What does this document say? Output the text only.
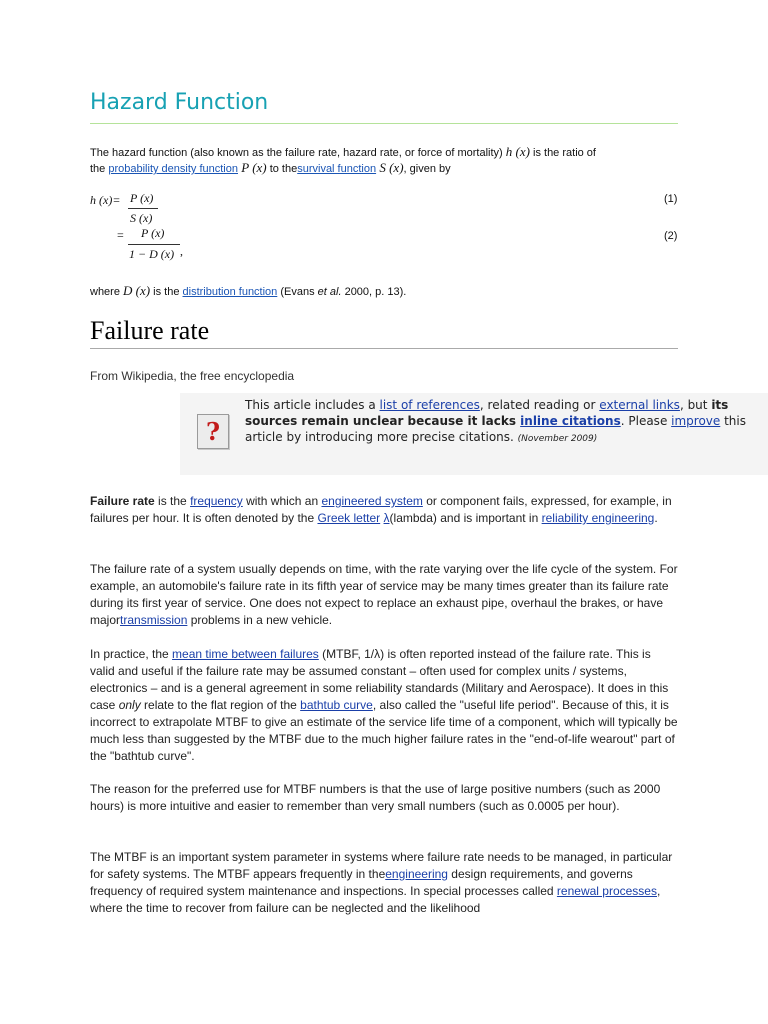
Hazard Function
The hazard function (also known as the failure rate, hazard rate, or force of mortality) h (x) is the ratio of
the probability density function P (x) to thesurvival function S (x), given by
h (x)= P (x)
S (x)
(1)
= P (x)
1 − D (x) ,
(2)
where D (x) is the distribution function (Evans et al. 2000, p. 13).
Failure rate
From Wikipedia, the free encyclopedia
?
This article includes a list of references, related reading or external links, but its sources remain unclear because it lacks inline citations. Please improve this article by introducing more precise citations. (November 2009)
Failure rate is the frequency with which an engineered system or component fails, expressed, for example, in failures per hour. It is often denoted by the Greek letter λ(lambda) and is important in reliability engineering.
The failure rate of a system usually depends on time, with the rate varying over the life cycle of the system. For example, an automobile's failure rate in its fifth year of service may be many times greater than its failure rate during its first year of service. One does not expect to replace an exhaust pipe, overhaul the brakes, or have majortransmission problems in a new vehicle.
In practice, the mean time between failures (MTBF, 1/λ) is often reported instead of the failure rate. This is valid and useful if the failure rate may be assumed constant – often used for complex units / systems, electronics – and is a general agreement in some reliability standards (Military and Aerospace). It does in this case only relate to the flat region of the bathtub curve, also called the "useful life period". Because of this, it is incorrect to extrapolate MTBF to give an estimate of the service life time of a component, which will typically be much less than suggested by the MTBF due to the much higher failure rates in the "end-of-life wearout" part of the "bathtub curve".
The reason for the preferred use for MTBF numbers is that the use of large positive numbers (such as 2000 hours) is more intuitive and easier to remember than very small numbers (such as 0.0005 per hour).
The MTBF is an important system parameter in systems where failure rate needs to be managed, in particular for safety systems. The MTBF appears frequently in theengineering design requirements, and governs frequency of required system maintenance and inspections. In special processes called renewal processes, where the time to recover from failure can be neglected and the likelihood
